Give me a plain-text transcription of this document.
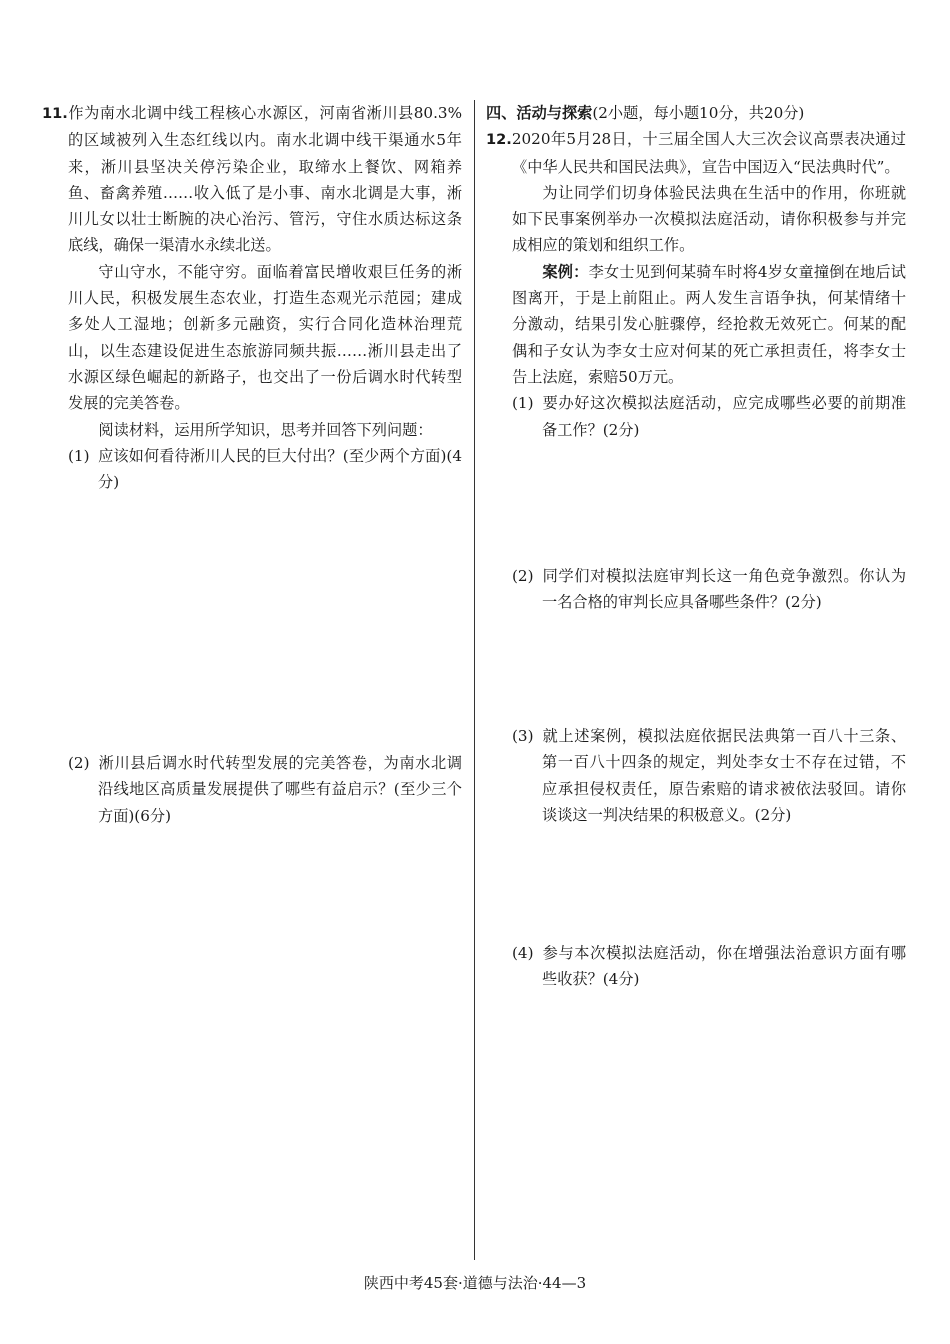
11.作为南水北调中线工程核心水源区，河南省淅川县80.3%的区域被列入生态红线以内。南水北调中线干渠通水5年来，淅川县坚决关停污染企业，取缔水上餐饮、网箱养鱼、畜禽养殖……收入低了是小事、南水北调是大事，淅川儿女以壮士断腕的决心治污、管污，守住水质达标这条底线，确保一渠清水永续北送。

守山守水，不能守穷。面临着富民增收艰巨任务的淅川人民，积极发展生态农业，打造生态观光示范园；建成多处人工湿地；创新多元融资，实行合同化造林治理荒山，以生态建设促进生态旅游同频共振……淅川县走出了水源区绿色崛起的新路子，也交出了一份后调水时代转型发展的完美答卷。

阅读材料，运用所学知识，思考并回答下列问题：

(1) 应该如何看待淅川人民的巨大付出？(至少两个方面)(4分)

(2) 淅川县后调水时代转型发展的完美答卷，为南水北调沿线地区高质量发展提供了哪些有益启示？(至少三个方面)(6分)

四、活动与探索(2小题，每小题10分，共20分)

12.2020年5月28日，十三届全国人大三次会议高票表决通过《中华人民共和国民法典》，宣告中国迈入“民法典时代”。

为让同学们切身体验民法典在生活中的作用，你班就如下民事案例举办一次模拟法庭活动，请你积极参与并完成相应的策划和组织工作。

案例：李女士见到何某骑车时将4岁女童撞倒在地后试图离开，于是上前阻止。两人发生言语争执，何某情绪十分激动，结果引发心脏骤停，经抢救无效死亡。何某的配偶和子女认为李女士应对何某的死亡承担责任，将李女士告上法庭，索赔50万元。

(1) 要办好这次模拟法庭活动，应完成哪些必要的前期准备工作？(2分)

(2) 同学们对模拟法庭审判长这一角色竞争激烈。你认为一名合格的审判长应具备哪些条件？(2分)

(3) 就上述案例，模拟法庭依据民法典第一百八十三条、第一百八十四条的规定，判处李女士不存在过错，不应承担侵权责任，原告索赔的请求被依法驳回。请你谈谈这一判决结果的积极意义。(2分)

(4) 参与本次模拟法庭活动，你在增强法治意识方面有哪些收获？(4分)

陕西中考45套·道德与法治·44—3
